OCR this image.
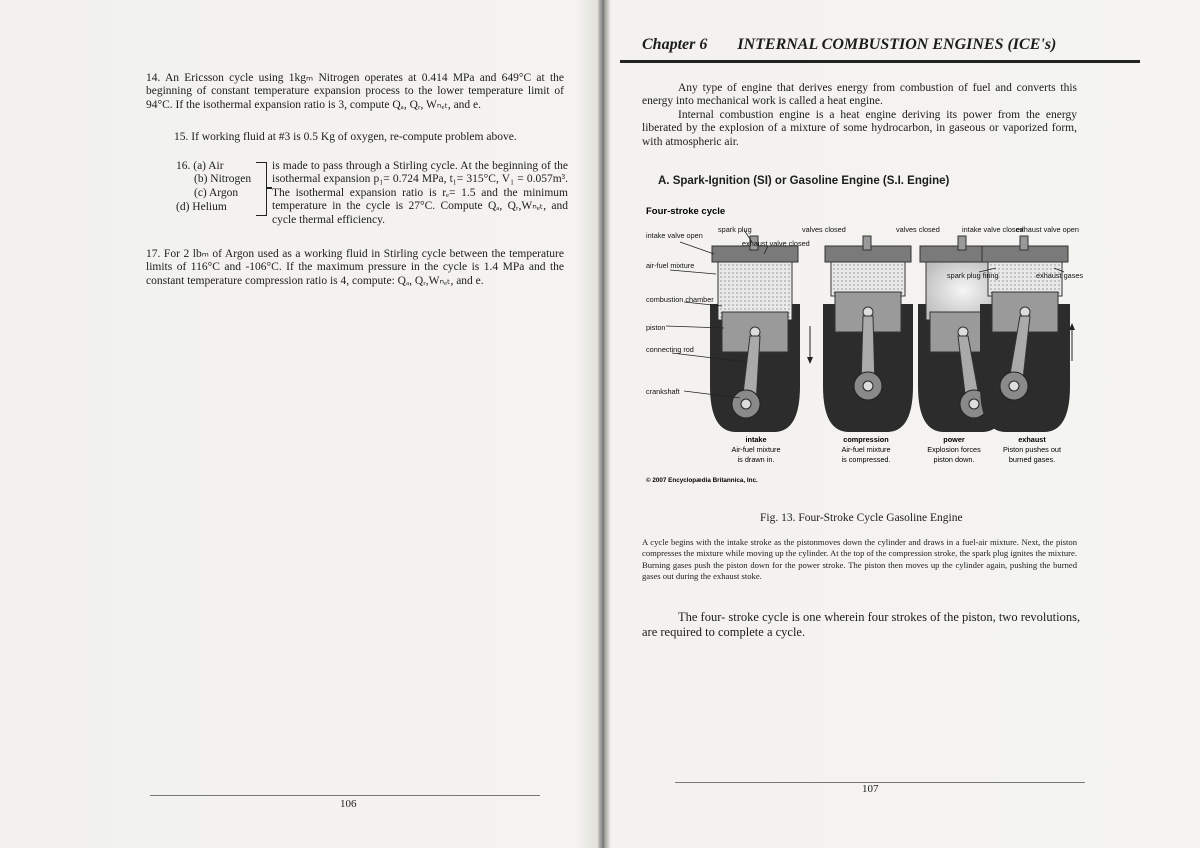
14. An Ericsson cycle using 1kgₘ Nitrogen operates at 0.414 MPa and 649°C at the beginning of constant temperature expansion process to the lower temperature limit of 94°C. If the isothermal expansion ratio is 3, compute Qₐ, Qᵣ, Wₙₑₜ, and e.

15. If working fluid at #3 is 0.5 Kg of oxygen, re-compute problem above.

16. (a) Air
(b) Nitrogen
(c) Argon
(d) Helium
is made to pass through a Stirling cycle. At the beginning of the isothermal expansion p₁= 0.724 MPa, t₁= 315°C, V₁ = 0.057m³. The isothermal expansion ratio is rₑ= 1.5 and the minimum temperature in the cycle is 27°C. Compute Qₐ, Qᵣ,Wₙₑₜ, and cycle thermal efficiency.

17. For 2 lbₘ of Argon used as a working fluid in Stirling cycle between the temperature limits of 116°C and -106°C. If the maximum pressure in the cycle is 1.4 MPa and the constant temperature compression ratio is 4, compute: Qₐ, Qᵣ,Wₙₑₜ, and e.

106
Chapter 6 INTERNAL COMBUSTION ENGINES (ICE's)

Any type of engine that derives energy from combustion of fuel and converts this energy into mechanical work is called a heat engine.

Internal combustion engine is a heat engine deriving its power from the energy liberated by the explosion of a mixture of some hydrocarbon, in gaseous or vaporized form, with atmospheric air.

A. Spark-Ignition (SI) or Gasoline Engine (S.I. Engine)

Four-stroke cycle
intake valve open
spark plug
exhaust valve closed
valves closed	valves closed	intake valve closed
exhaust valve open
air-fuel mixture
combustion chamber
piston
connecting rod
crankshaft
spark plug firing	exhaust gases
intake
Air-fuel mixture
is drawn in.
compression
Air-fuel mixture
is compressed.
power
Explosion forces
piston down.
exhaust
Piston pushes out
burned gases.
© 2007 Encyclopædia Britannica, Inc.

Fig. 13. Four-Stroke Cycle Gasoline Engine

A cycle begins with the intake stroke as the pistonmoves down the cylinder and draws in a fuel-air mixture. Next, the piston compresses the mixture while moving up the cylinder. At the top of the compression stroke, the spark plug ignites the mixture. Burning gases push the piston down for the power stroke. The piston then moves up the cylinder again, pushing the burned gases out during the exhaust stoke.

The four- stroke cycle is one wherein four strokes of the piston, two revolutions, are required to complete a cycle.

107
